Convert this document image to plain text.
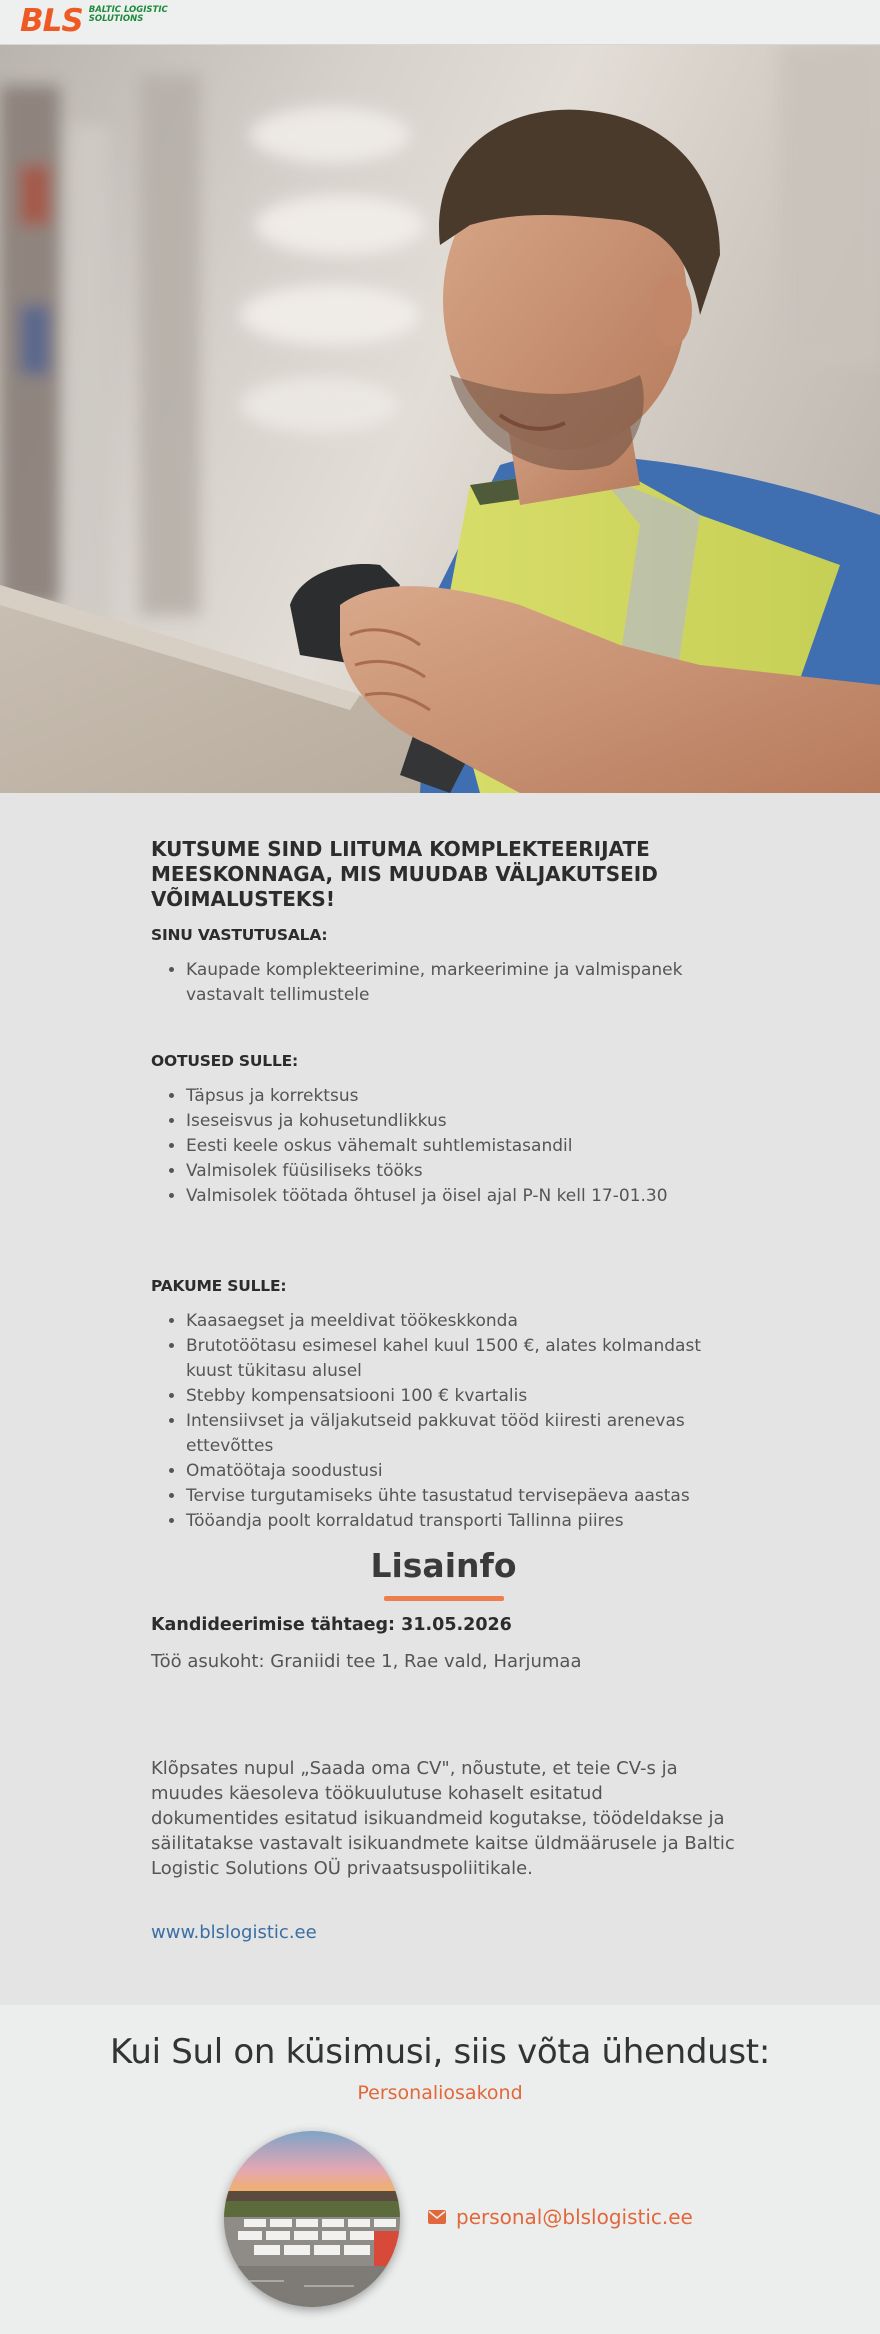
BLS BALTIC LOGISTIC
SOLUTIONS
KUTSUME SIND LIITUMA KOMPLEKTEERIJATE MEESKONNAGA, MIS MUUDAB VÄLJAKUTSEID VÕIMALUSTEKS!
SINU VASTUTUSALA:
• Kaupade komplekteerimine, markeerimine ja valmispanek vastavalt tellimustele
OOTUSED SULLE:
• Täpsus ja korrektsus
• Iseseisvus ja kohusetundlikkus
• Eesti keele oskus vähemalt suhtlemistasandil
• Valmisolek füüsiliseks tööks
• Valmisolek töötada õhtusel ja öisel ajal P-N kell 17-01.30
PAKUME SULLE:
• Kaasaegset ja meeldivat töökeskkonda
• Brutotöötasu esimesel kahel kuul 1500 €, alates kolmandast kuust tükitasu alusel
• Stebby kompensatsiooni 100 € kvartalis
• Intensiivset ja väljakutseid pakkuvat tööd kiiresti arenevas ettevõttes
• Omatöötaja soodustusi
• Tervise turgutamiseks ühte tasustatud tervisepäeva aastas
• Tööandja poolt korraldatud transporti Tallinna piires
Lisainfo

Kandideerimise tähtaeg: 31.05.2026

Töö asukoht: Graniidi tee 1, Rae vald, Harjumaa

Klõpsates nupul „Saada oma CV", nõustute, et teie CV-s ja muudes käesoleva töökuulutuse kohaselt esitatud dokumentides esitatud isikuandmeid kogutakse, töödeldakse ja säilitatakse vastavalt isikuandmete kaitse üldmäärusele ja Baltic Logistic Solutions OÜ privaatsuspoliitikale.

www.blslogistic.ee
Kui Sul on küsimusi, siis võta ühendust:
Personaliosakond
personal@blslogistic.ee
